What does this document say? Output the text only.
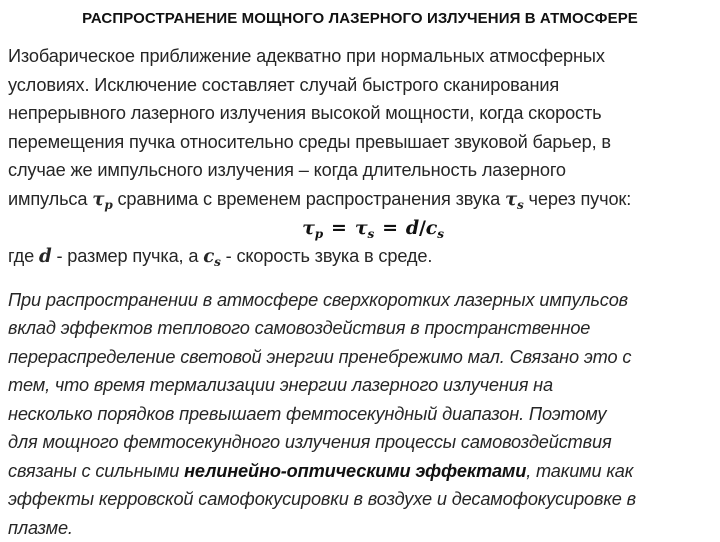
РАСПРОСТРАНЕНИЕ МОЩНОГО ЛАЗЕРНОГО ИЗЛУЧЕНИЯ В АТМОСФЕРЕ
Изобарическое приближение адекватно при нормальных атмосферных
условиях. Исключение составляет случай быстрого сканирования
непрерывного лазерного излучения высокой мощности, когда скорость
перемещения пучка относительно среды превышает звуковой барьер, в
случае же импульсного излучения – когда длительность лазерного
импульса $\tau_p$ сравнима с временем распространения звука $\tau_s$ через пучок:
$\tau_p = \tau_s = d/c_s$
где d - размер пучка, а $c_s$ - скорость звука в среде.
При распространении в атмосфере сверхкоротких лазерных импульсов
вклад эффектов теплового самовоздействия в пространственное
перераспределение световой энергии пренебрежимо мал. Связано это с
тем, что время термализации энергии лазерного излучения на
несколько порядков превышает фемтосекундный диапазон. Поэтому
для мощного фемтосекундного излучения процессы самовоздействия
связаны с сильными нелинейно-оптическими эффектами, такими как
эффекты керровской самофокусировки в воздухе и десамофокусировке в
плазме.
